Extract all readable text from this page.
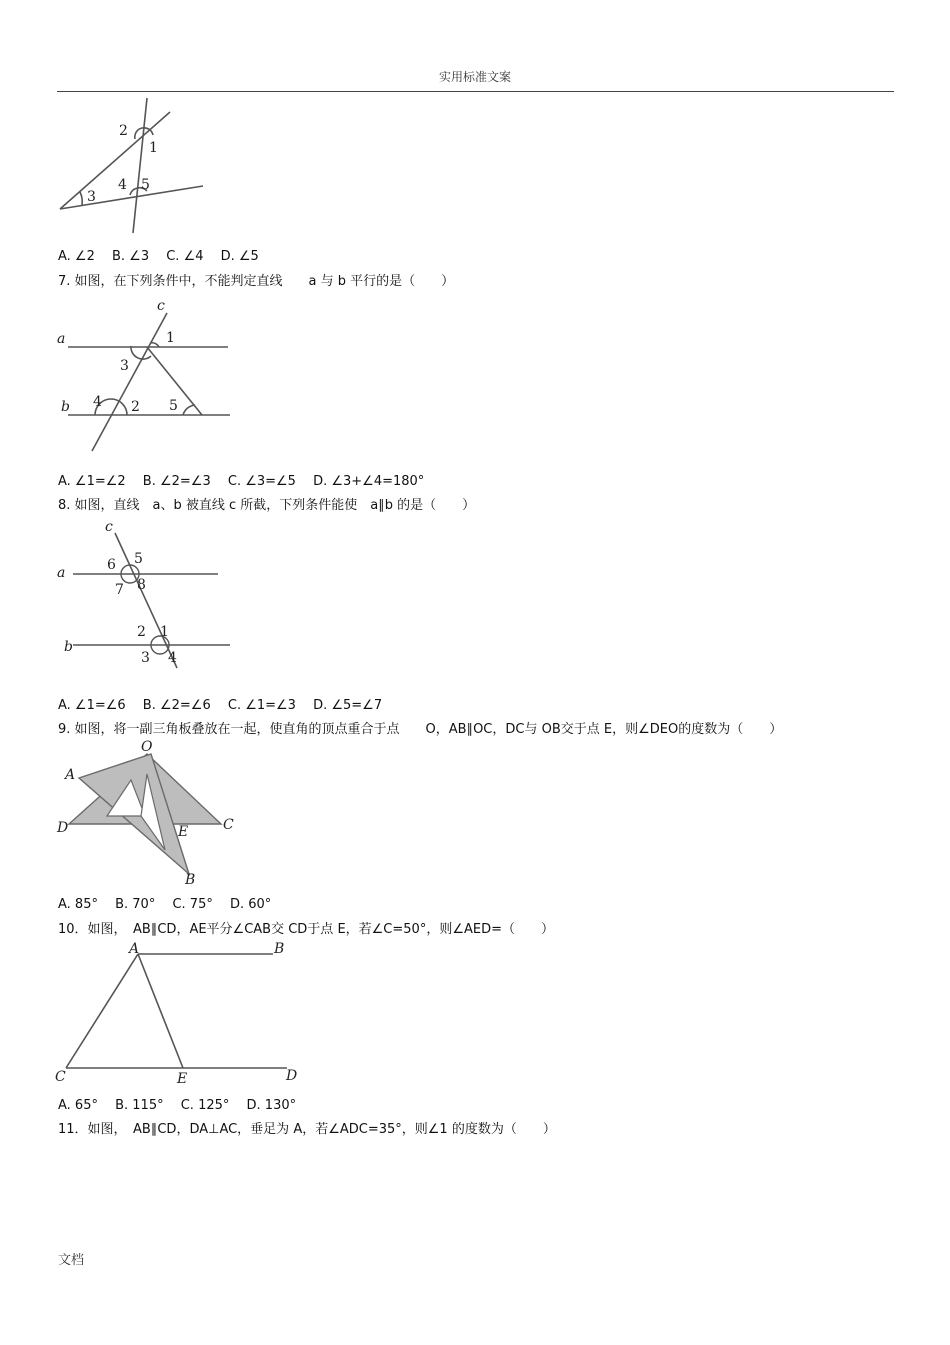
实用标准文案
2
1
3
4 5
A. ∠2　 B. ∠3　 C. ∠4　 D. ∠5
7. 如图，在下列条件中，不能判定直线　　a 与 b 平行的是（　　）
c
a	1
3
b 4 2 5
A. ∠1=∠2　 B. ∠2=∠3　 C. ∠3=∠5　 D. ∠3+∠4=180°
8. 如图，直线　a、b 被直线 c 所截，下列条件能使　a∥b 的是（　　）
c
5
6
a
8
7
2 1
b
3 4
A. ∠1=∠6　 B. ∠2=∠6　 C. ∠1=∠3　 D. ∠5=∠7
9. 如图，将一副三角板叠放在一起，使直角的顶点重合于点　　O，AB∥OC，DC与 OB交于点 E，则∠DEO的度数为（　　）
O
A
D	E C
B
A. 85°　 B. 70°　 C. 75°　 D. 60°
10．如图，　AB∥CD，AE平分∠CAB交 CD于点 E，若∠C=50°，则∠AED=（　　）
A	B
C	E	D
A. 65°　 B. 115°　 C. 125°　 D. 130°
11．如图，　AB∥CD，DA⊥AC，垂足为 A，若∠ADC=35°，则∠1 的度数为（　　）
文档
